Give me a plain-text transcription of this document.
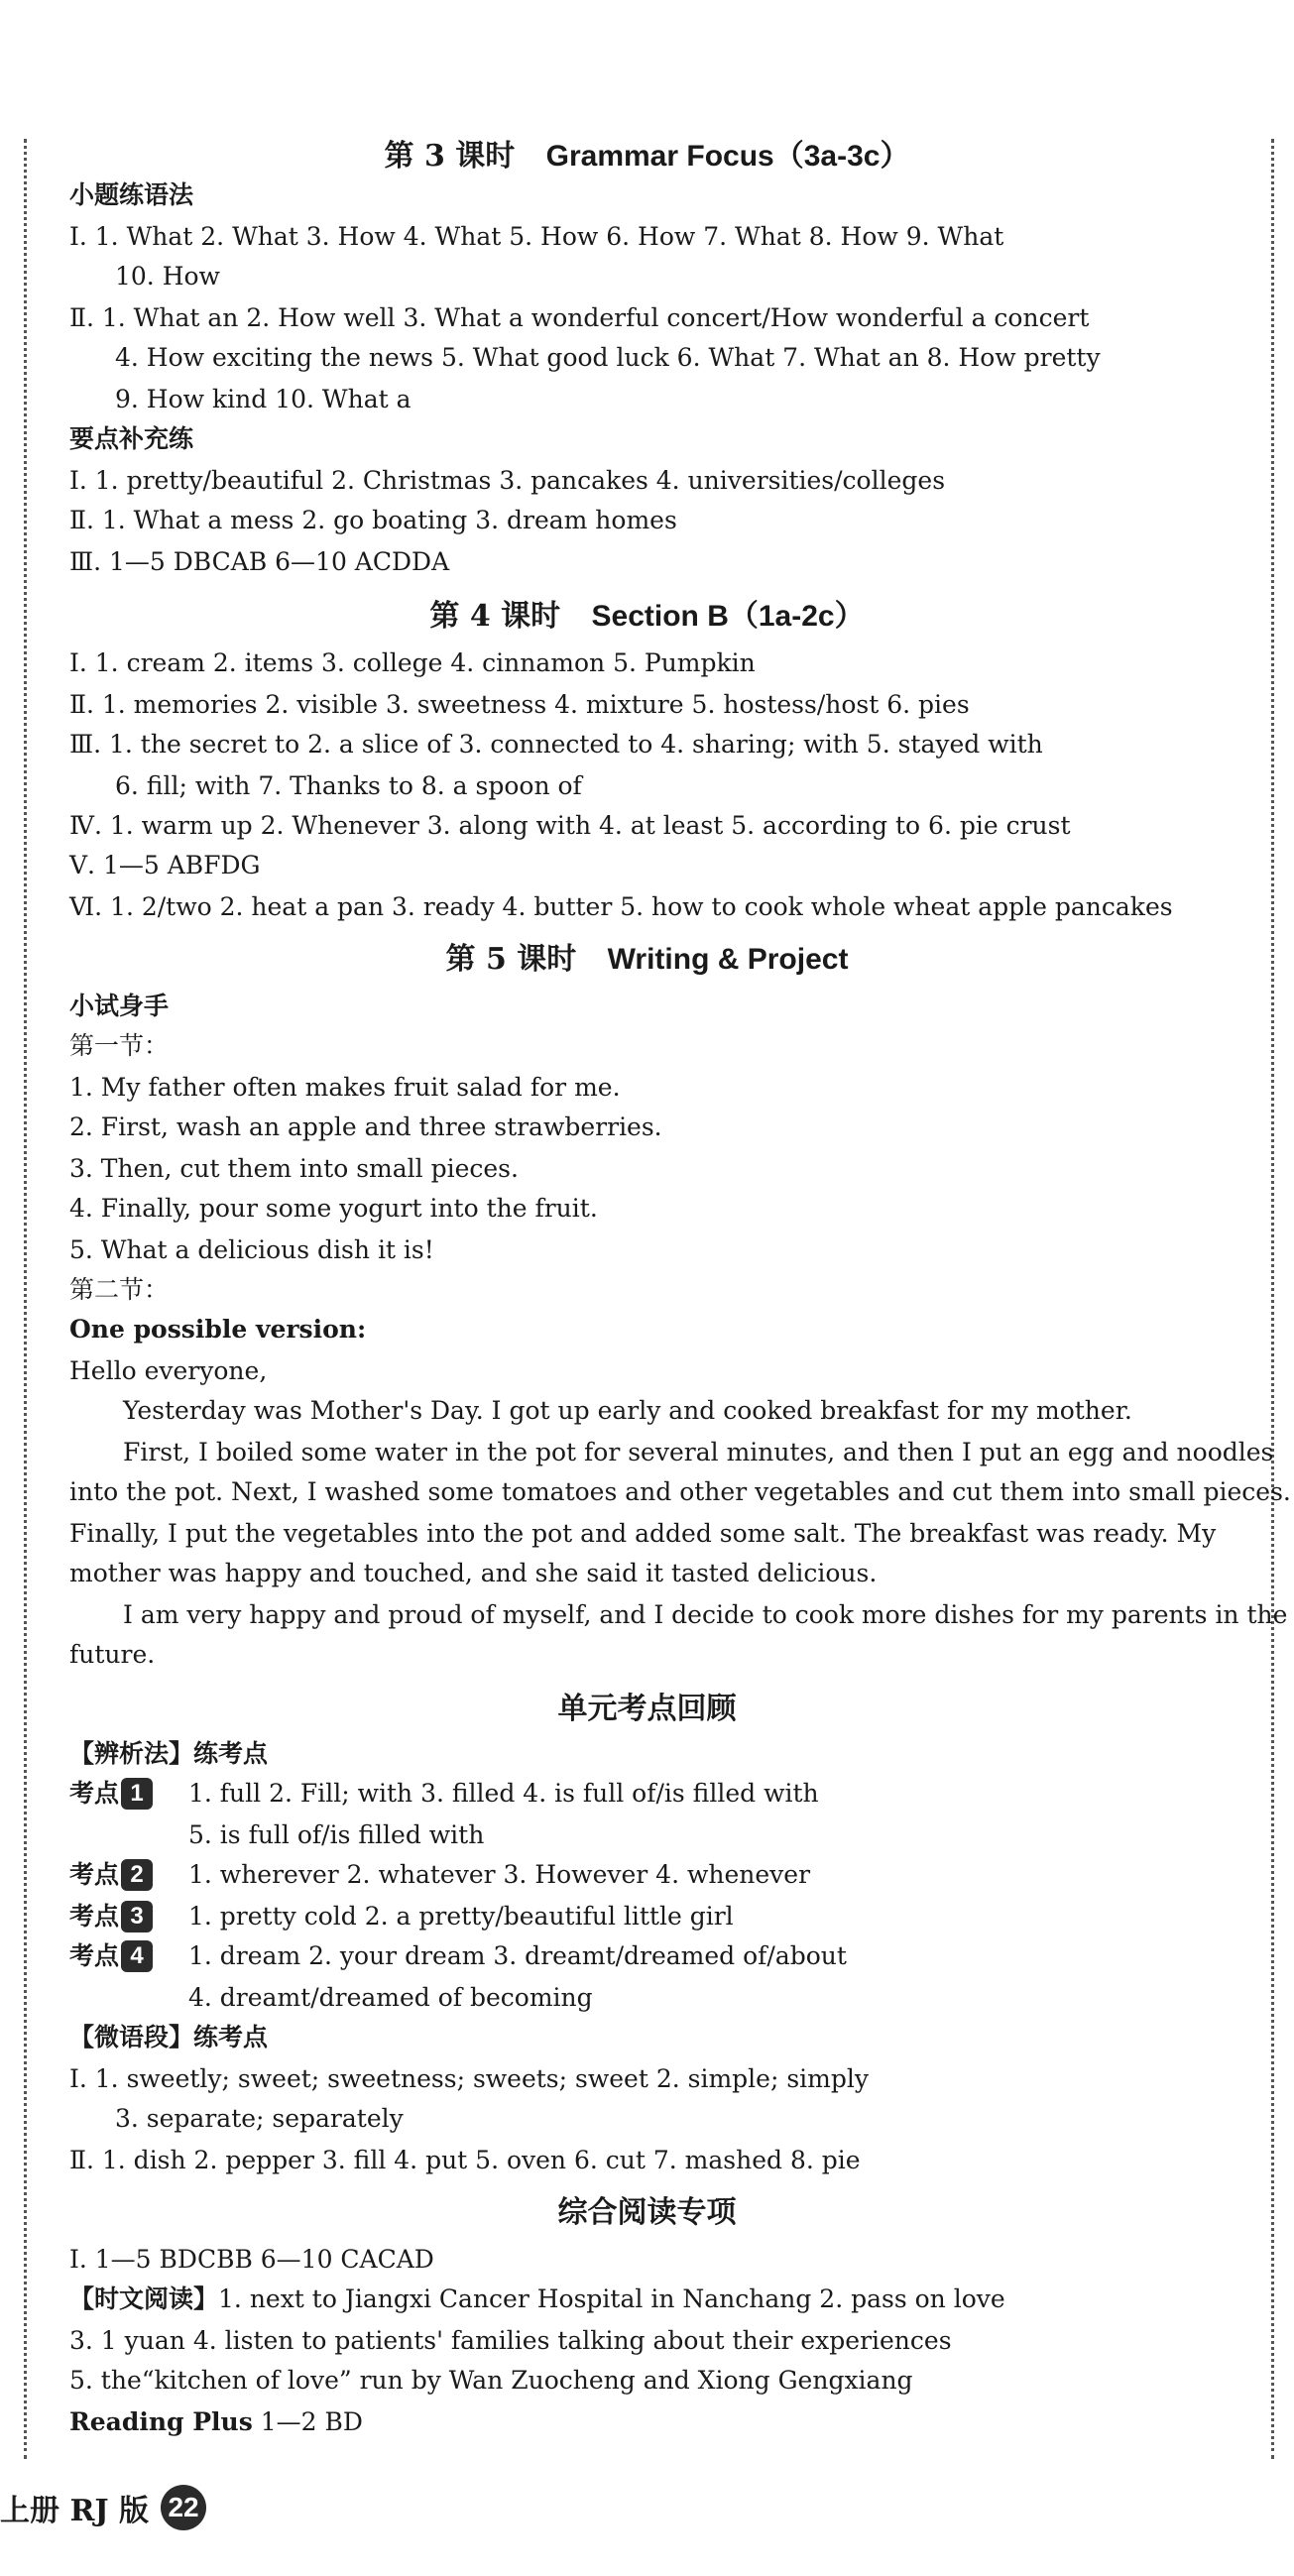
第 3 课时 Grammar Focus（3a-3c）
小题练语法
Ⅰ. 1. What 2. What 3. How 4. What 5. How 6. How 7. What 8. How 9. What
10. How
Ⅱ. 1. What an 2. How well 3. What a wonderful concert/How wonderful a concert
4. How exciting the news 5. What good luck 6. What 7. What an 8. How pretty
9. How kind 10. What a
要点补充练
Ⅰ. 1. pretty/beautiful 2. Christmas 3. pancakes 4. universities/colleges
Ⅱ. 1. What a mess 2. go boating 3. dream homes
Ⅲ. 1—5 DBCAB 6—10 ACDDA
第 4 课时 Section B（1a-2c）
Ⅰ. 1. cream 2. items 3. college 4. cinnamon 5. Pumpkin
Ⅱ. 1. memories 2. visible 3. sweetness 4. mixture 5. hostess/host 6. pies
Ⅲ. 1. the secret to 2. a slice of 3. connected to 4. sharing; with 5. stayed with
6. fill; with 7. Thanks to 8. a spoon of
Ⅳ. 1. warm up 2. Whenever 3. along with 4. at least 5. according to 6. pie crust
Ⅴ. 1—5 ABFDG
Ⅵ. 1. 2/two 2. heat a pan 3. ready 4. butter 5. how to cook whole wheat apple pancakes
第 5 课时 Writing & Project
小试身手
第一节：
1. My father often makes fruit salad for me.
2. First, wash an apple and three strawberries.
3. Then, cut them into small pieces.
4. Finally, pour some yogurt into the fruit.
5. What a delicious dish it is!
第二节：
One possible version:
Hello everyone,
Yesterday was Mother's Day. I got up early and cooked breakfast for my mother.
First, I boiled some water in the pot for several minutes, and then I put an egg and noodles
into the pot. Next, I washed some tomatoes and other vegetables and cut them into small pieces.
Finally, I put the vegetables into the pot and added some salt. The breakfast was ready. My
mother was happy and touched, and she said it tasted delicious.
I am very happy and proud of myself, and I decide to cook more dishes for my parents in the
future.
单元考点回顾
【辨析法】练考点
考点 1	1. full 2. Fill; with 3. filled 4. is full of/is filled with
5. is full of/is filled with
考点 2	1. wherever 2. whatever 3. However 4. whenever
考点 3	1. pretty cold 2. a pretty/beautiful little girl
考点 4	1. dream 2. your dream 3. dreamt/dreamed of/about
4. dreamt/dreamed of becoming
【微语段】练考点
Ⅰ. 1. sweetly; sweet; sweetness; sweets; sweet 2. simple; simply
3. separate; separately
Ⅱ. 1. dish 2. pepper 3. fill 4. put 5. oven 6. cut 7. mashed 8. pie
综合阅读专项
Ⅰ. 1—5 BDCBB 6—10 CACAD
【时文阅读】1. next to Jiangxi Cancer Hospital in Nanchang 2. pass on love
3. 1 yuan 4. listen to patients' families talking about their experiences
5. the“kitchen of love” run by Wan Zuocheng and Xiong Gengxiang
Reading Plus 1—2 BD
上册 RJ 版 22
